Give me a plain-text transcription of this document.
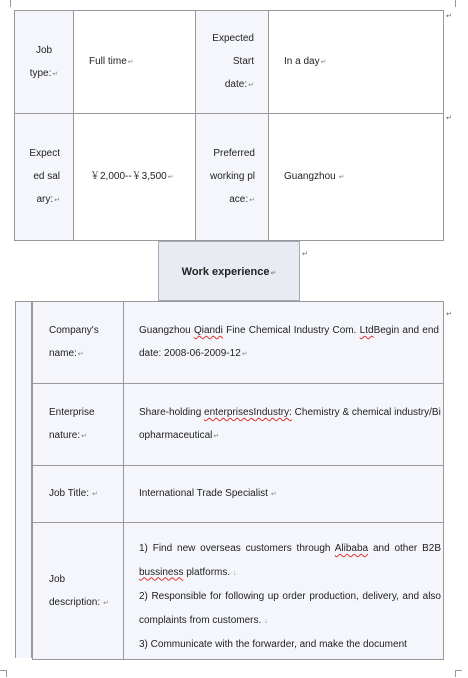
Job type:↵	Full time↵	Expected Start date:↵	In a day↵

Expected salary:↵	￥2,000--￥3,500↵	Preferred working place:↵	Guangzhou ↵
↵
↵
Work experience↵
↵
Company's name:↵	Guangzhou Qiandi Fine Chemical Industry Com. LtdBegin and end date: 2008-06-2009-12↵

Enterprise nature:↵	Share-holding enterprisesIndustry: Chemistry & chemical industry/Biopharmaceutical↵

Job Title: ↵	International Trade Specialist ↵

Job description: ↵	1) Find new overseas customers through Alibaba and other B2B bussiness platforms. ↓
2) Responsible for following up order production, delivery, and also complaints from customers. ↓
3) Communicate with the forwarder, and make the document
↵
